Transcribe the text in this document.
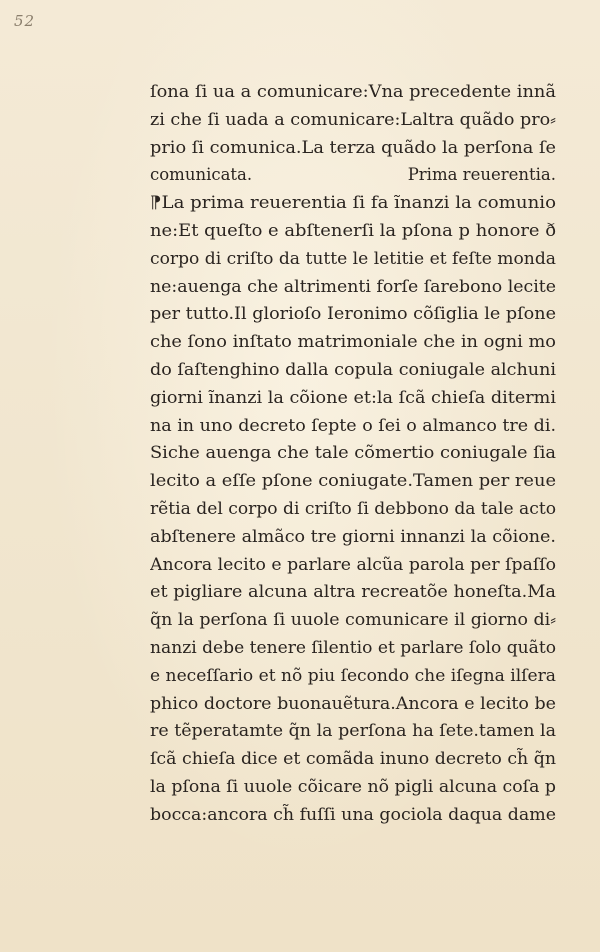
52
ſona ſi ua a comunicare:Vna precedente innã
zi che ſi uada a comunicare:Laltra quãdo pro⸗
prio ſi comunica.La terza quãdo la perſona ſe
comunicata.	Prima reuerentia.
⁋La prima reuerentia ſi fa ĩnanzi la comunio
ne:Et queſto e abſtenerſi la pſona p honore ð
corpo di criſto da tutte le letitie et feſte monda
ne:auenga che altrimenti forſe ſarebono lecite
per tutto.Il glorioſo Ieronimo cõſiglia le pſone
che ſono inſtato matrimoniale che in ogni mo
do ſaſtenghino dalla copula coniugale alchuni
giorni ĩnanzi la cõione et:la ſcã chieſa ditermi
na in uno decreto ſepte o ſei o almanco tre di.
Siche auenga che tale cõmertio coniugale ſia
lecito a eſſe pſone coniugate.Tamen per reue
rẽtia del corpo di criſto ſi debbono da tale acto
abſtenere almãco tre giorni innanzi la cõione.
Ancora lecito e parlare alcũa parola per ſpaſſo
et pigliare alcuna altra recreatõe honeſta.Ma
q̃n la perſona ſi uuole comunicare il giorno di⸗
nanzi debe tenere ſilentio et parlare ſolo quãto
e neceſſario et nõ piu ſecondo che iſegna ilſera
phico doctore buonauẽtura.Ancora e lecito be
re tẽperatamte q̃n la perſona ha ſete.tamen la
ſcã chieſa dice et comãda inuno decreto ch̃ q̃n
la pſona ſi uuole cõicare nõ pigli alcuna coſa p
bocca:ancora ch̃ fuſſi una gociola daqua dame
